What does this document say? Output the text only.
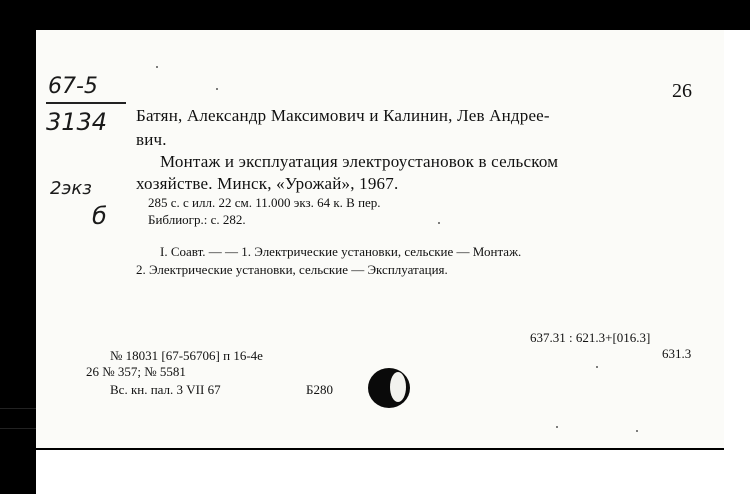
67-5
3134
2экз
б
26
Батян, Александр Максимович и Калинин, Лев Андрее-
вич.
Монтаж и эксплуатация электроустановок в сельском
хозяйстве. Минск, «Урожай», 1967.
285 с. с илл. 22 см. 11.000 экз. 64 к. В пер.
Библиогр.: с. 282.
I. Соавт. — — 1. Электрические установки, сельские — Монтаж.
2. Электрические установки, сельские — Эксплуатация.
637.31 : 621.3+[016.3]
631.3
№ 18031 [67-56706] п 16-4е
26 № 357; № 5581
Вс. кн. пал. 3 VII 67	Б280
